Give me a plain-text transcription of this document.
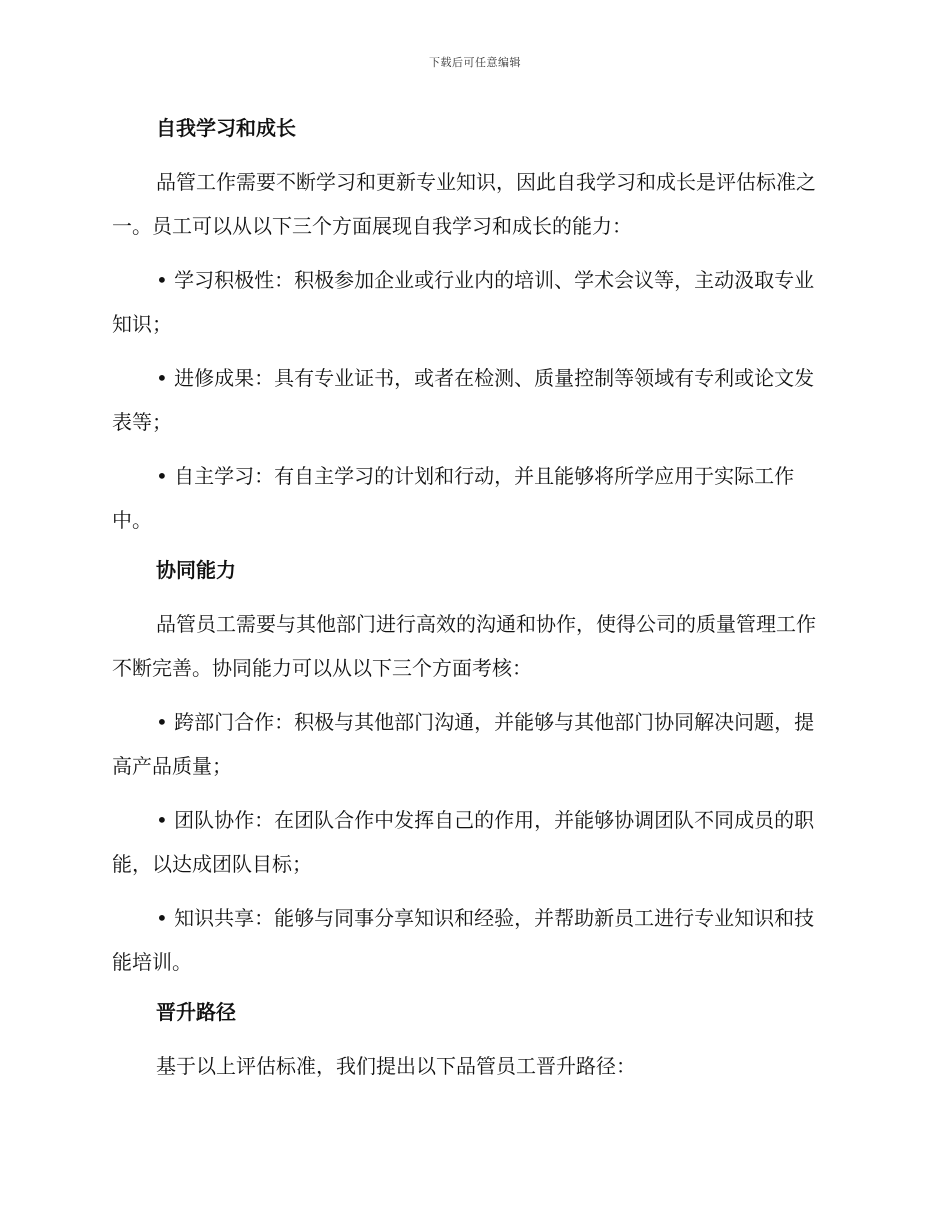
下载后可任意编辑
自我学习和成长

品管工作需要不断学习和更新专业知识，因此自我学习和成长是评估标准之一。员工可以从以下三个方面展现自我学习和成长的能力：

• 学习积极性：积极参加企业或行业内的培训、学术会议等，主动汲取专业知识；

• 进修成果：具有专业证书，或者在检测、质量控制等领域有专利或论文发表等；

• 自主学习：有自主学习的计划和行动，并且能够将所学应用于实际工作中。

协同能力

品管员工需要与其他部门进行高效的沟通和协作，使得公司的质量管理工作不断完善。协同能力可以从以下三个方面考核：

• 跨部门合作：积极与其他部门沟通，并能够与其他部门协同解决问题，提高产品质量；

• 团队协作：在团队合作中发挥自己的作用，并能够协调团队不同成员的职能，以达成团队目标；

• 知识共享：能够与同事分享知识和经验，并帮助新员工进行专业知识和技能培训。

晋升路径

基于以上评估标准，我们提出以下品管员工晋升路径：
